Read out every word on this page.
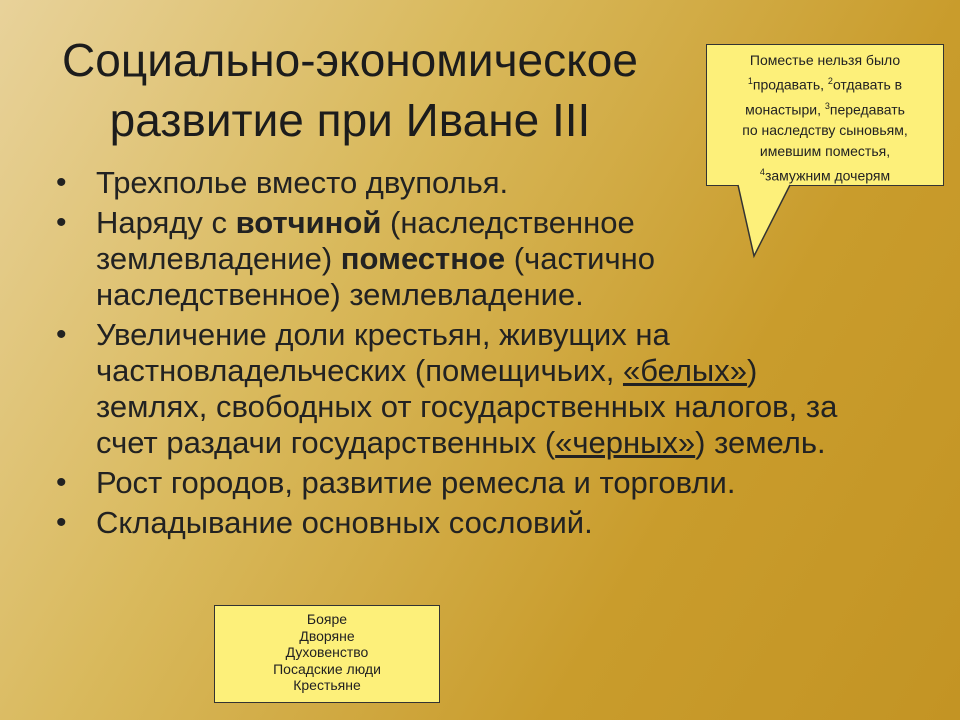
Социально-экономическое
развитие при Иване III
Поместье нельзя было
$^1$продавать, $^2$отдавать в
монастыри, $^3$передавать
по наследству сыновьям,
имевшим поместья,
$^4$замужним дочерям
• Трехполье вместо двуполья.
• Наряду с вотчиной (наследственное землевладение) поместное (частично наследственное) землевладение.
• Увеличение доли крестьян, живущих на частновладельческих (помещичьих, «белых») землях, свободных от государственных налогов, за счет раздачи государственных («черных») земель.
• Рост городов, развитие ремесла и торговли.
• Складывание основных сословий.
Бояре
Дворяне
Духовенство
Посадские люди
Крестьяне
